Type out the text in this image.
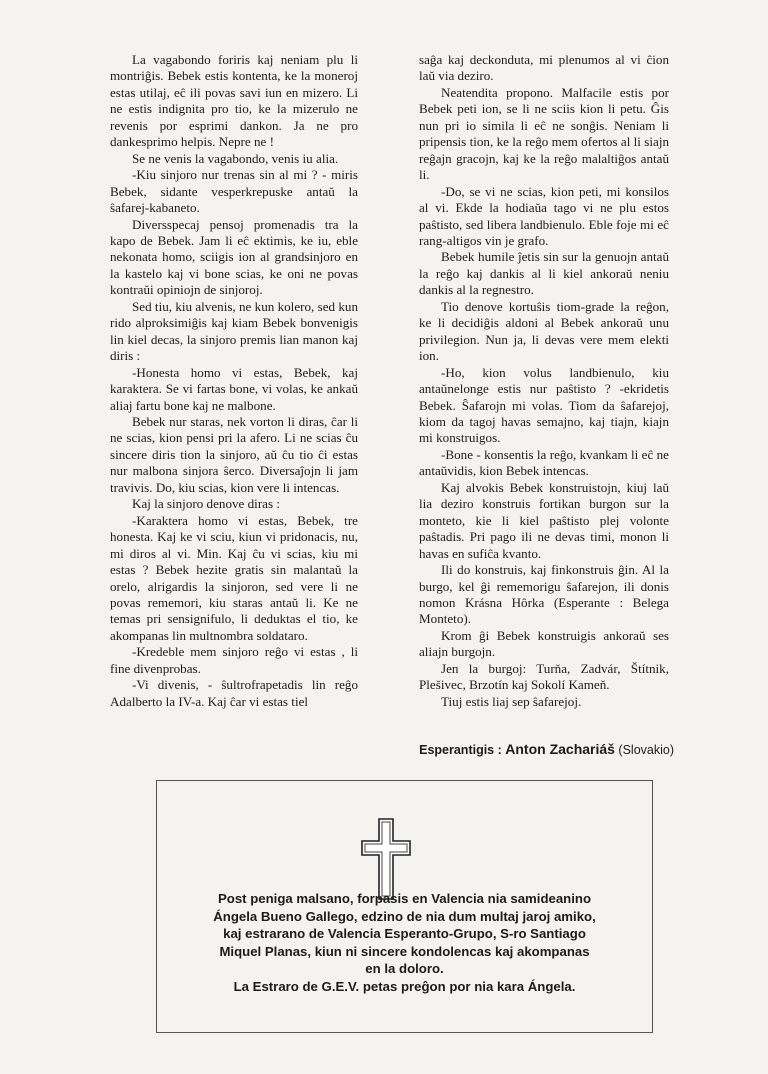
La vagabondo foriris kaj neniam plu li montriĝis. Bebek estis kontenta, ke la moneroj estas utilaj, eĉ ili povas savi iun en mizero. Li ne estis indignita pro tio, ke la mizerulo ne revenis por esprimi dankon. Ja ne pro dankesprimo helpis. Nepre ne !

Se ne venis la vagabondo, venis iu alia.

-Kiu sinjoro nur trenas sin al mi ? - miris Bebek, sidante vesperkrepuske antaŭ la ŝafarej-kabaneto.

Diversspecaj pensoj promenadis tra la kapo de Bebek. Jam li eĉ ektimis, ke iu, eble nekonata homo, sciigis ion al grandsinjoro en la kastelo kaj vi bone scias, ke oni ne povas kontraŭi opiniojn de sinjoroj.

Sed tiu, kiu alvenis, ne kun kolero, sed kun rido alproksimiĝis kaj kiam Bebek bonvenigis lin kiel decas, la sinjoro premis lian manon kaj diris :

-Honesta homo vi estas, Bebek, kaj karaktera. Se vi fartas bone, vi volas, ke ankaŭ aliaj fartu bone kaj ne malbone.

Bebek nur staras, nek vorton li diras, ĉar li ne scias, kion pensi pri la afero. Li ne scias ĉu sincere diris tion la sinjoro, aŭ ĉu tio ĉi estas nur malbona sinjora ŝerco. Diversaĵojn li jam travivis. Do, kiu scias, kion vere li intencas.

Kaj la sinjoro denove diras :

-Karaktera homo vi estas, Bebek, tre honesta. Kaj ke vi sciu, kiun vi pridonacis, nu, mi diros al vi. Min. Kaj ĉu vi scias, kiu mi estas ? Bebek hezite gratis sin malantaŭ la orelo, alrigardis la sinjoron, sed vere li ne povas rememori, kiu staras antaŭ li. Ke ne temas pri sensignifulo, li deduktas el tio, ke akompanas lin multnombra soldataro.

-Kredeble mem sinjoro reĝo vi estas , li fine divenprobas.

-Vi divenis, - ŝultrofrapetadis lin reĝo Adalberto la IV-a. Kaj ĉar vi estas tiel

saĝa kaj deckonduta, mi plenumos al vi ĉion laŭ via deziro.

Neatendita propono. Malfacile estis por Bebek peti ion, se li ne sciis kion li petu. Ĝis nun pri io simila li eĉ ne sonĝis. Neniam li pripensis tion, ke la reĝo mem ofertos al li siajn reĝajn gracojn, kaj ke la reĝo malaltiĝos antaŭ li.

-Do, se vi ne scias, kion peti, mi konsilos al vi. Ekde la hodiaŭa tago vi ne plu estos paŝtisto, sed libera landbienulo. Eble foje mi eĉ rang-altigos vin je grafo.

Bebek humile ĵetis sin sur la genuojn antaŭ la reĝo kaj dankis al li kiel ankoraŭ neniu dankis al la regnestro.

Tio denove kortuŝis tiom-grade la reĝon, ke li decidiĝis aldoni al Bebek ankoraŭ unu privilegion. Nun ja, li devas vere mem elekti ion.

-Ho, kion volus landbienulo, kiu antaŭnelonge estis nur paŝtisto ? -ekridetis Bebek. Ŝafarojn mi volas. Tiom da ŝafarejoj, kiom da tagoj havas semajno, kaj tiajn, kiajn mi konstruigos.

-Bone - konsentis la reĝo, kvankam li eĉ ne antaŭvidis, kion Bebek intencas.

Kaj alvokis Bebek konstruistojn, kiuj laŭ lia deziro konstruis fortikan burgon sur la monteto, kie li kiel paŝtisto plej volonte paŝtadis. Pri pago ili ne devas timi, monon li havas en sufiĉa kvanto.

Ili do konstruis, kaj finkonstruis ĝin. Al la burgo, kel ĝi rememorigu ŝafarejon, ili donis nomon Krásna Hôrka (Esperante : Belega Monteto).

Krom ĝi Bebek konstruigis ankoraŭ ses aliajn burgojn.

Jen la burgoj: Turňa, Zadvár, Štítnik, Plešivec, Brzotín kaj Sokolí Kameň.

Tiuj estis liaj sep ŝafarejoj.

Esperantigis : Anton Zachariáš (Slovakio)
Post peniga malsano, forpasis en Valencia nia samideanino
Ángela Bueno Gallego, edzino de nia dum multaj jaroj amiko,
kaj estrarano de Valencia Esperanto-Grupo, S-ro Santiago
Miquel Planas, kiun ni sincere kondolencas kaj akompanas
en la doloro.
La Estraro de G.E.V. petas preĝon por nia kara Ángela.
